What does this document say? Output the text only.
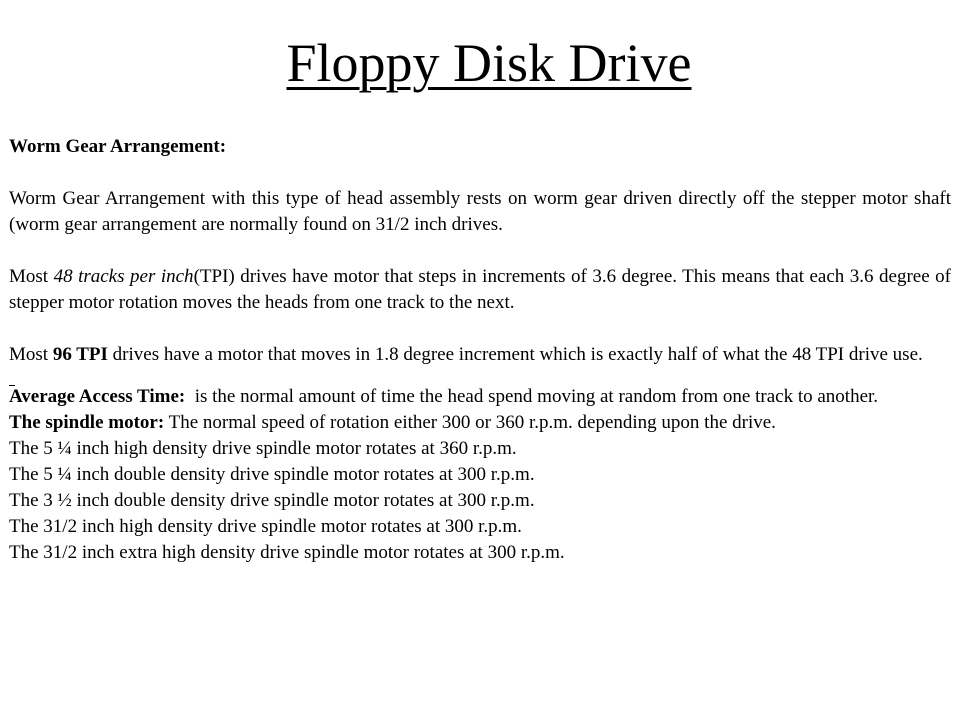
Floppy Disk Drive

Worm Gear Arrangement:

Worm Gear Arrangement with this type of head assembly rests on worm gear driven directly off the stepper motor shaft (worm gear arrangement are normally found on 31/2 inch drives.

Most 48 tracks per inch(TPI) drives have motor that steps in increments of 3.6 degree. This means that each 3.6 degree of stepper motor rotation moves the heads from one track to the next.

Most 96 TPI drives have a motor that moves in 1.8 degree increment which is exactly half of what the 48 TPI drive use.

Average Access Time:  is the normal amount of time the head spend moving at random from one track to another.

The spindle motor: The normal speed of rotation either 300 or 360 r.p.m. depending upon the drive.

The 5 ¼ inch high density drive spindle motor rotates at 360 r.p.m.

The 5 ¼ inch double density drive spindle motor rotates at 300 r.p.m.

The 3 ½ inch double density drive spindle motor rotates at 300 r.p.m.

The 31/2 inch high density drive spindle motor rotates at 300 r.p.m.

The 31/2 inch extra high density drive spindle motor rotates at 300 r.p.m.
